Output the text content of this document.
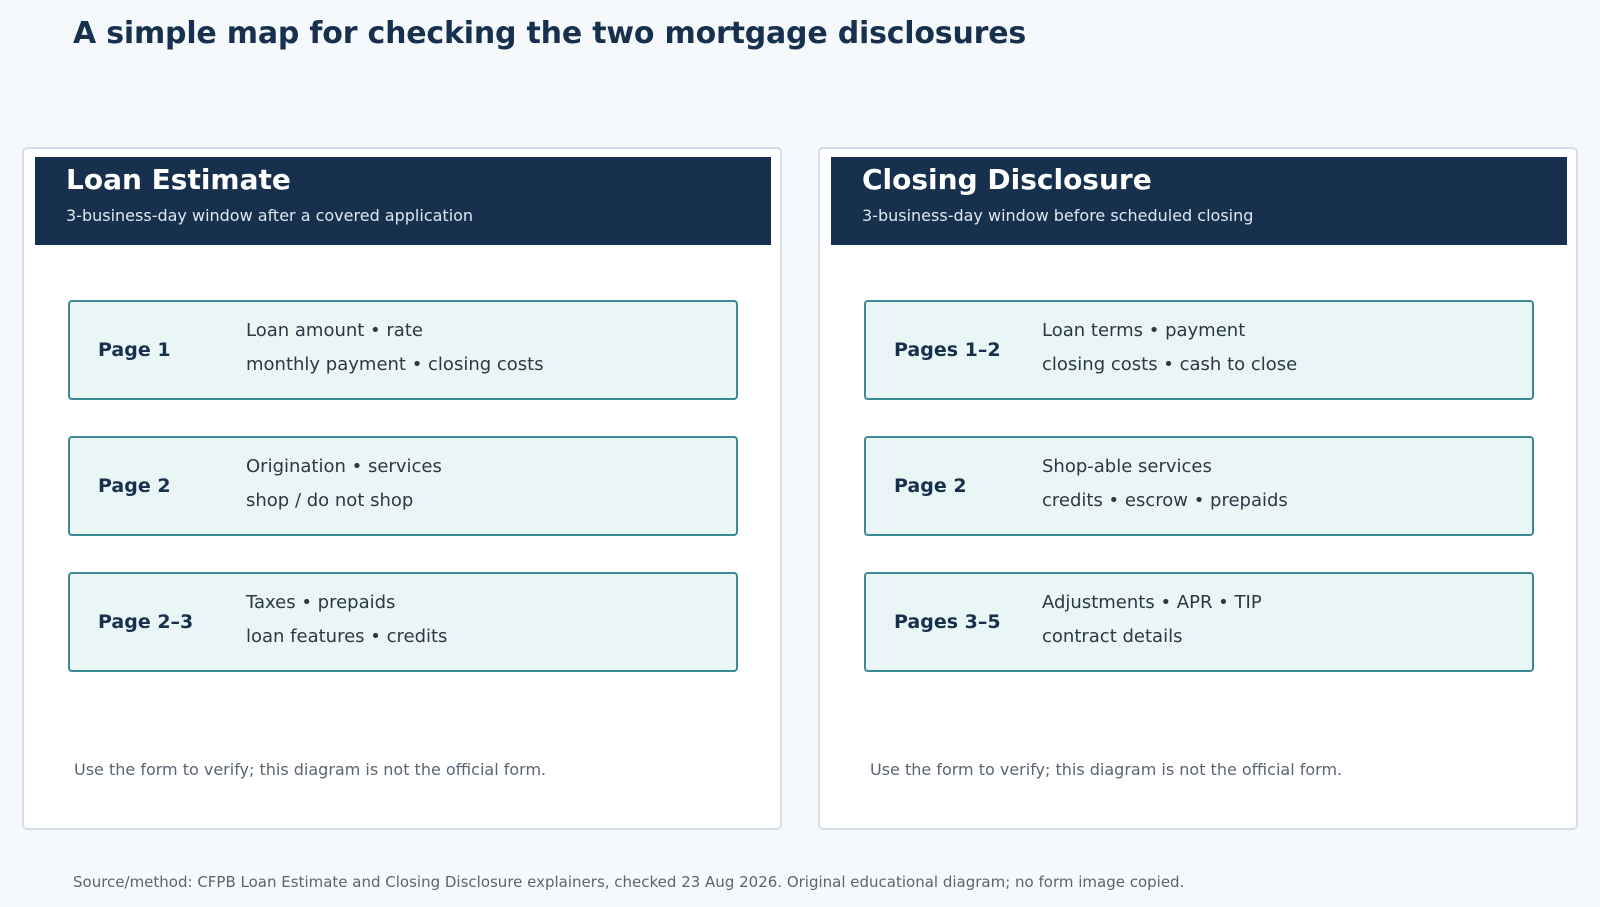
A simple map for checking the two mortgage disclosures
Loan Estimate
3-business-day window after a covered application
Page 1
Loan amount • rate
monthly payment • closing costs
Page 2
Origination • services
shop / do not shop
Page 2–3
Taxes • prepaids
loan features • credits
Use the form to verify; this diagram is not the official form.
Closing Disclosure
3-business-day window before scheduled closing
Pages 1–2
Loan terms • payment
closing costs • cash to close
Page 2
Shop-able services
credits • escrow • prepaids
Pages 3–5
Adjustments • APR • TIP
contract details
Use the form to verify; this diagram is not the official form.
Source/method: CFPB Loan Estimate and Closing Disclosure explainers, checked 23 Aug 2026. Original educational diagram; no form image copied.
